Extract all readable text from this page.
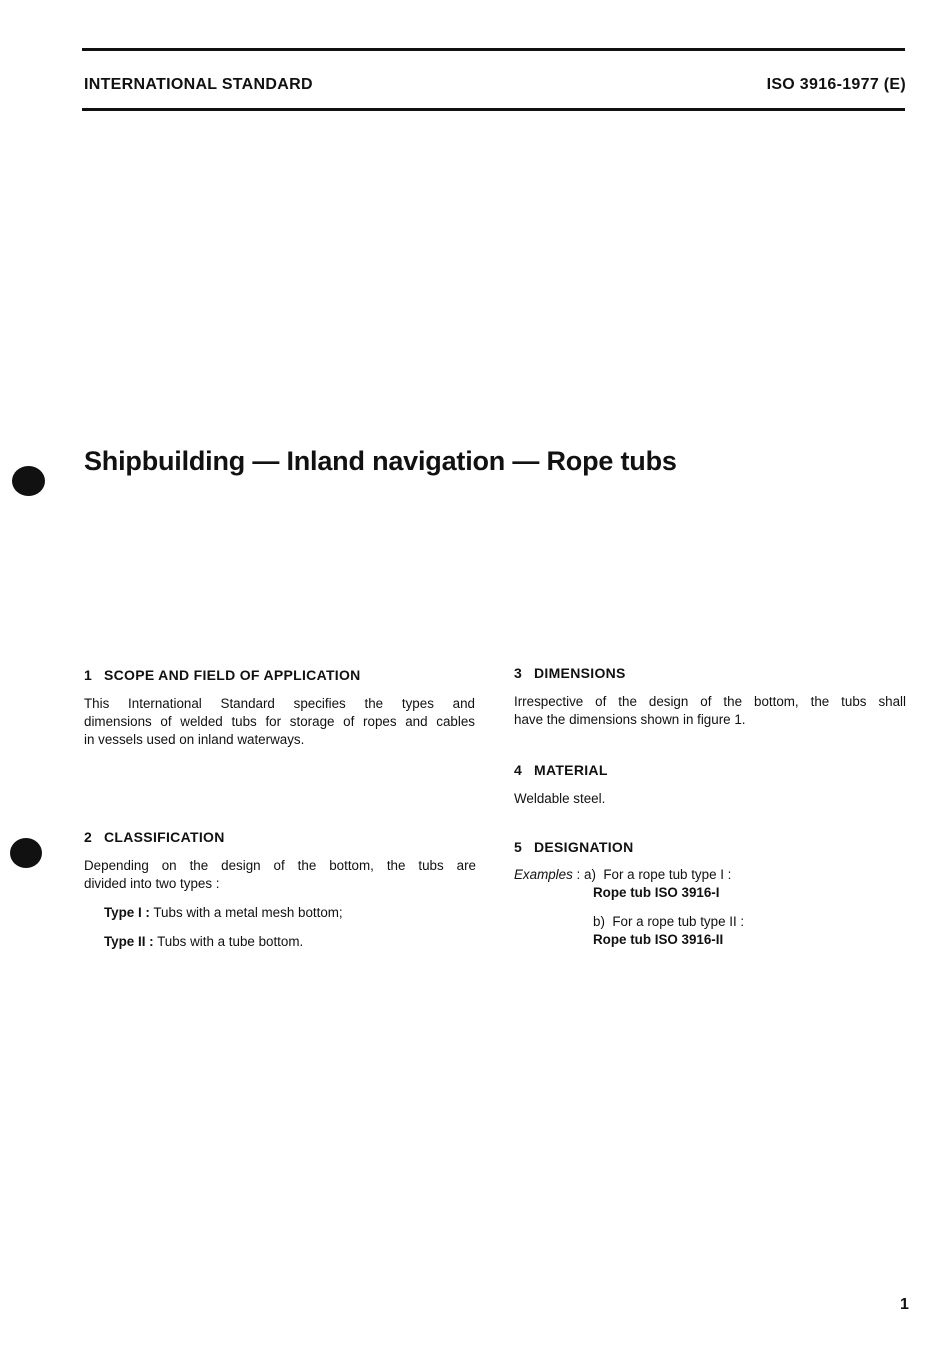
INTERNATIONAL STANDARD	ISO 3916-1977 (E)
Shipbuilding — Inland navigation — Rope tubs
1 SCOPE AND FIELD OF APPLICATION
This International Standard specifies the types and
dimensions of welded tubs for storage of ropes and cables
in vessels used on inland waterways.
2 CLASSIFICATION
Depending on the design of the bottom, the tubs are
divided into two types :
Type I : Tubs with a metal mesh bottom;
Type II : Tubs with a tube bottom.
3 DIMENSIONS
Irrespective of the design of the bottom, the tubs shall
have the dimensions shown in figure 1.
4 MATERIAL
Weldable steel.
5 DESIGNATION
Examples : a) For a rope tub type I :
Rope tub ISO 3916-I
b) For a rope tub type II :
Rope tub ISO 3916-II
1
